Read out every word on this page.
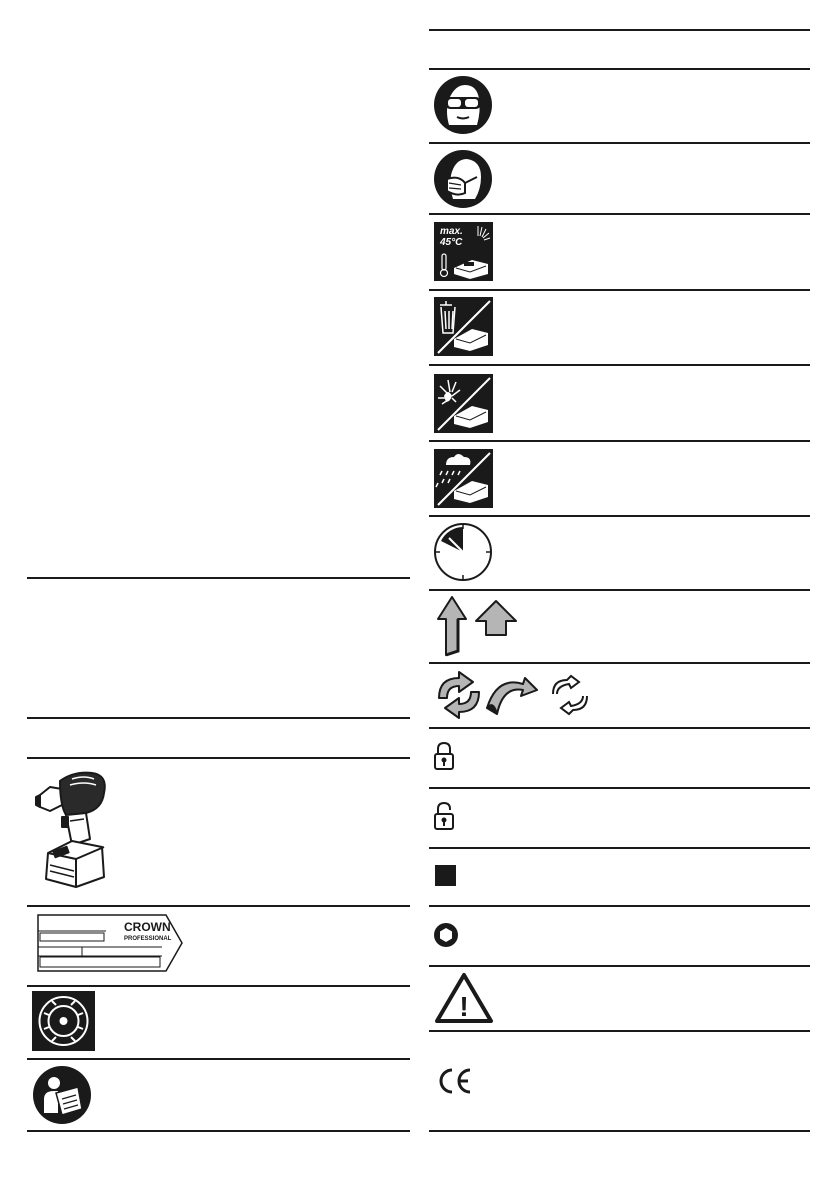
CROWN
PROFESSIONAL
max.
45°C
!
